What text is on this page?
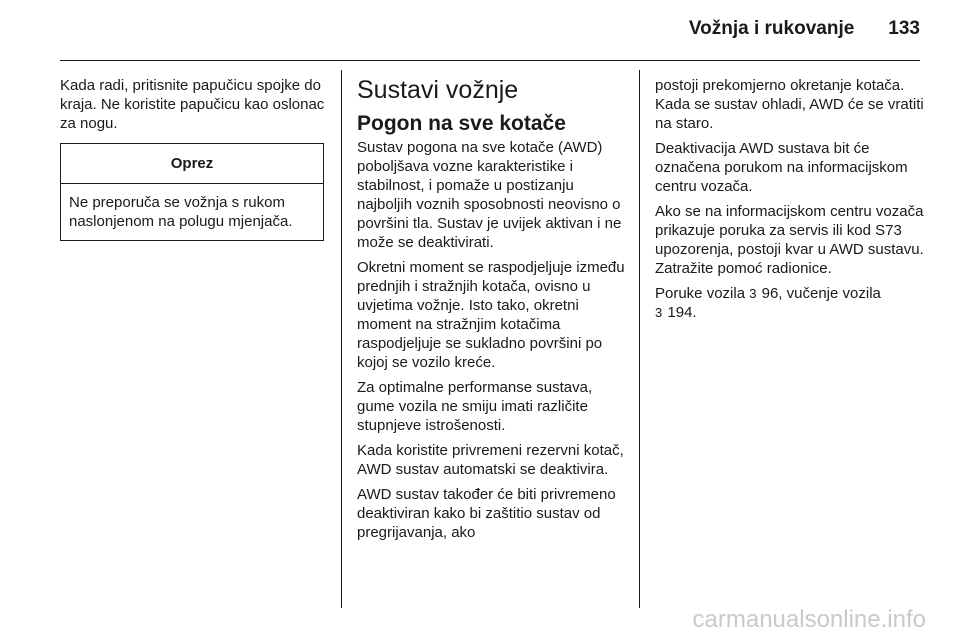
Vožnja i rukovanje 133

Kada radi, pritisnite papučicu spojke do kraja. Ne koristite papučicu kao oslonac za nogu.

Oprez
Ne preporuča se vožnja s rukom naslonjenom na polugu mjenjača.
Sustavi vožnje
Pogon na sve kotače

Sustav pogona na sve kotače (AWD) poboljšava vozne karakteristike i stabilnost, i pomaže u postizanju najboljih voznih sposobnosti neovisno o površini tla. Sustav je uvijek aktivan i ne može se deaktivirati.

Okretni moment se raspodjeljuje između prednjih i stražnjih kotača, ovisno u uvjetima vožnje. Isto tako, okretni moment na stražnjim kotačima raspodjeljuje se sukladno površini po kojoj se vozilo kreće.

Za optimalne performanse sustava, gume vozila ne smiju imati različite stupnjeve istrošenosti.

Kada koristite privremeni rezervni kotač, AWD sustav automatski se deaktivira.

AWD sustav također će biti privremeno deaktiviran kako bi zaštitio sustav od pregrijavanja, ako

postoji prekomjerno okretanje kotača. Kada se sustav ohladi, AWD će se vratiti na staro.

Deaktivacija AWD sustava bit će označena porukom na informacijskom centru vozača.

Ako se na informacijskom centru vozača prikazuje poruka za servis ili kod S73 upozorenja, postoji kvar u AWD sustavu. Zatražite pomoć radionice.

Poruke vozila 3 96, vučenje vozila
3 194.

carmanualsonline.info
